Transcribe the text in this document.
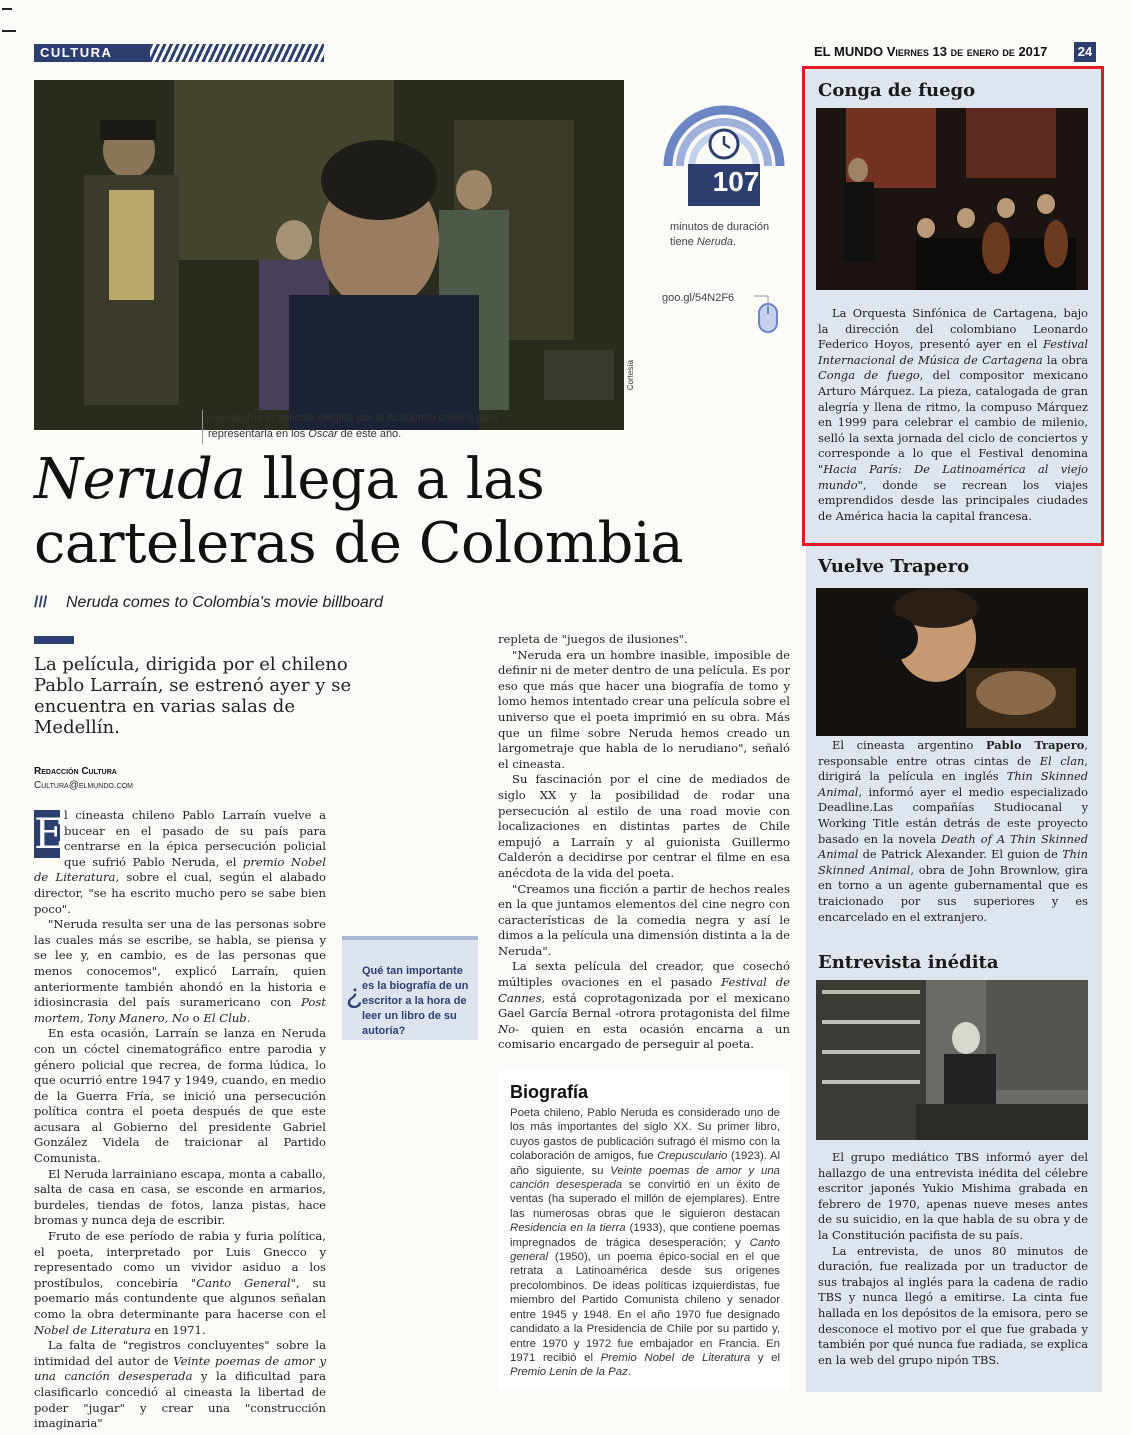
CULTURA	EL MUNDO Viernes 13 de enero de 2017 24
Cortesía
Neruda fue la película elegida por la Academia chilena para representarla en los Oscar de este año.
107
minutos de duración tiene Neruda.
goo.gl/54N2F6
Neruda llega a las carteleras de Colombia
/// Neruda comes to Colombia's movie billboard
La película, dirigida por el chileno Pablo Larraín, se estrenó ayer y se encuentra en varias salas de Medellín.
Redacción Cultura
Cultura@elmundo.com

E l cineasta chileno Pablo Larraín vuelve a bucear en el pasado de su país para centrarse en la épica persecución policial que sufrió Pablo Neruda, el premio Nobel de Literatura, sobre el cual, según el alabado director, "se ha escrito mucho pero se sabe bien poco".

"Neruda resulta ser una de las personas sobre las cuales más se escribe, se habla, se piensa y se lee y, en cambio, es de las personas que menos conocemos", explicó Larraín, quien anteriormente también ahondó en la historia e idiosincrasia del país suramericano con Post mortem, Tony Manero, No o El Club.

En esta ocasión, Larraín se lanza en Neruda con un cóctel cinematográfico entre parodia y género policial que recrea, de forma lúdica, lo que ocurrió entre 1947 y 1949, cuando, en medio de la Guerra Fría, se inició una persecución política contra el poeta después de que este acusara al Gobierno del presidente Gabriel González Videla de traicionar al Partido Comunista.

El Neruda larrainiano escapa, monta a caballo, salta de casa en casa, se esconde en armarios, burdeles, tiendas de fotos, lanza pistas, hace bromas y nunca deja de escribir.

Fruto de ese período de rabia y furia política, el poeta, interpretado por Luis Gnecco y representado como un vividor asiduo a los prostíbulos, concebiría "Canto General", su poemario más contundente que algunos señalan como la obra determinante para hacerse con el Nobel de Literatura en 1971.

La falta de "registros concluyentes" sobre la intimidad del autor de Veinte poemas de amor y una canción desesperada y la dificultad para clasificarlo concedió al cineasta la libertad de poder "jugar" y crear una "construcción imaginaria"

¿
Qué tan importante es la biografía de un escritor a la hora de leer un libro de su autoría?

repleta de "juegos de ilusiones".

"Neruda era un hombre inasible, imposible de definir ni de meter dentro de una película. Es por eso que más que hacer una biografía de tomo y lomo hemos intentado crear una película sobre el universo que el poeta imprimió en su obra. Más que un filme sobre Neruda hemos creado un largometraje que habla de lo nerudiano", señaló el cineasta.

Su fascinación por el cine de mediados de siglo XX y la posibilidad de rodar una persecución al estilo de una road movie con localizaciones en distintas partes de Chile empujó a Larraín y al guionista Guillermo Calderón a decidirse por centrar el filme en esa anécdota de la vida del poeta.

"Creamos una ficción a partir de hechos reales en la que juntamos elementos del cine negro con características de la comedia negra y así le dimos a la película una dimensión distinta a la de Neruda".

La sexta película del creador, que cosechó múltiples ovaciones en el pasado Festival de Cannes, está coprotagonizada por el mexicano Gael García Bernal -otrora protagonista del filme No- quien en esta ocasión encarna a un comisario encargado de perseguir al poeta.

Biografía
Poeta chileno, Pablo Neruda es considerado uno de los más importantes del siglo XX. Su primer libro, cuyos gastos de publicación sufragó él mismo con la colaboración de amigos, fue Crepusculario (1923). Al año siguiente, su Veinte poemas de amor y una canción desesperada se convirtió en un éxito de ventas (ha superado el millón de ejemplares). Entre las numerosas obras que le siguieron destacan Residencia en la tierra (1933), que contiene poemas impregnados de trágica desesperación; y Canto general (1950), un poema épico-social en el que retrata a Latinoamérica desde sus orígenes precolombinos. De ideas políticas izquierdistas, fue miembro del Partido Comunista chileno y senador entre 1945 y 1948. En el año 1970 fue designado candidato a la Presidencia de Chile por su partido y, entre 1970 y 1972 fue embajador en Francia. En 1971 recibió el Premio Nobel de Literatura y el Premio Lenin de la Paz.
Conga de fuego

La Orquesta Sinfónica de Cartagena, bajo la dirección del colombiano Leonardo Federico Hoyos, presentó ayer en el Festival Internacional de Música de Cartagena la obra Conga de fuego, del compositor mexicano Arturo Márquez. La pieza, catalogada de gran alegría y llena de ritmo, la compuso Márquez en 1999 para celebrar el cambio de milenio, selló la sexta jornada del ciclo de conciertos y corresponde a lo que el Festival denomina "Hacia París: De Latinoamérica al viejo mundo", donde se recrean los viajes emprendidos desde las principales ciudades de América hacia la capital francesa.

Vuelve Trapero

El cineasta argentino Pablo Trapero, responsable entre otras cintas de El clan, dirigirá la película en inglés Thin Skinned Animal, informó ayer el medio especializado Deadline.Las compañías Studiocanal y Working Title están detrás de este proyecto basado en la novela Death of A Thin Skinned Animal de Patrick Alexander. El guion de Thin Skinned Animal, obra de John Brownlow, gira en torno a un agente gubernamental que es traicionado por sus superiores y es encarcelado en el extranjero.

Entrevista inédita

El grupo mediático TBS informó ayer del hallazgo de una entrevista inédita del célebre escritor japonés Yukio Mishima grabada en febrero de 1970, apenas nueve meses antes de su suicidio, en la que habla de su obra y de la Constitución pacifista de su país.

La entrevista, de unos 80 minutos de duración, fue realizada por un traductor de sus trabajos al inglés para la cadena de radio TBS y nunca llegó a emitirse. La cinta fue hallada en los depósitos de la emisora, pero se desconoce el motivo por el que fue grabada y también por qué nunca fue radiada, se explica en la web del grupo nipón TBS.
